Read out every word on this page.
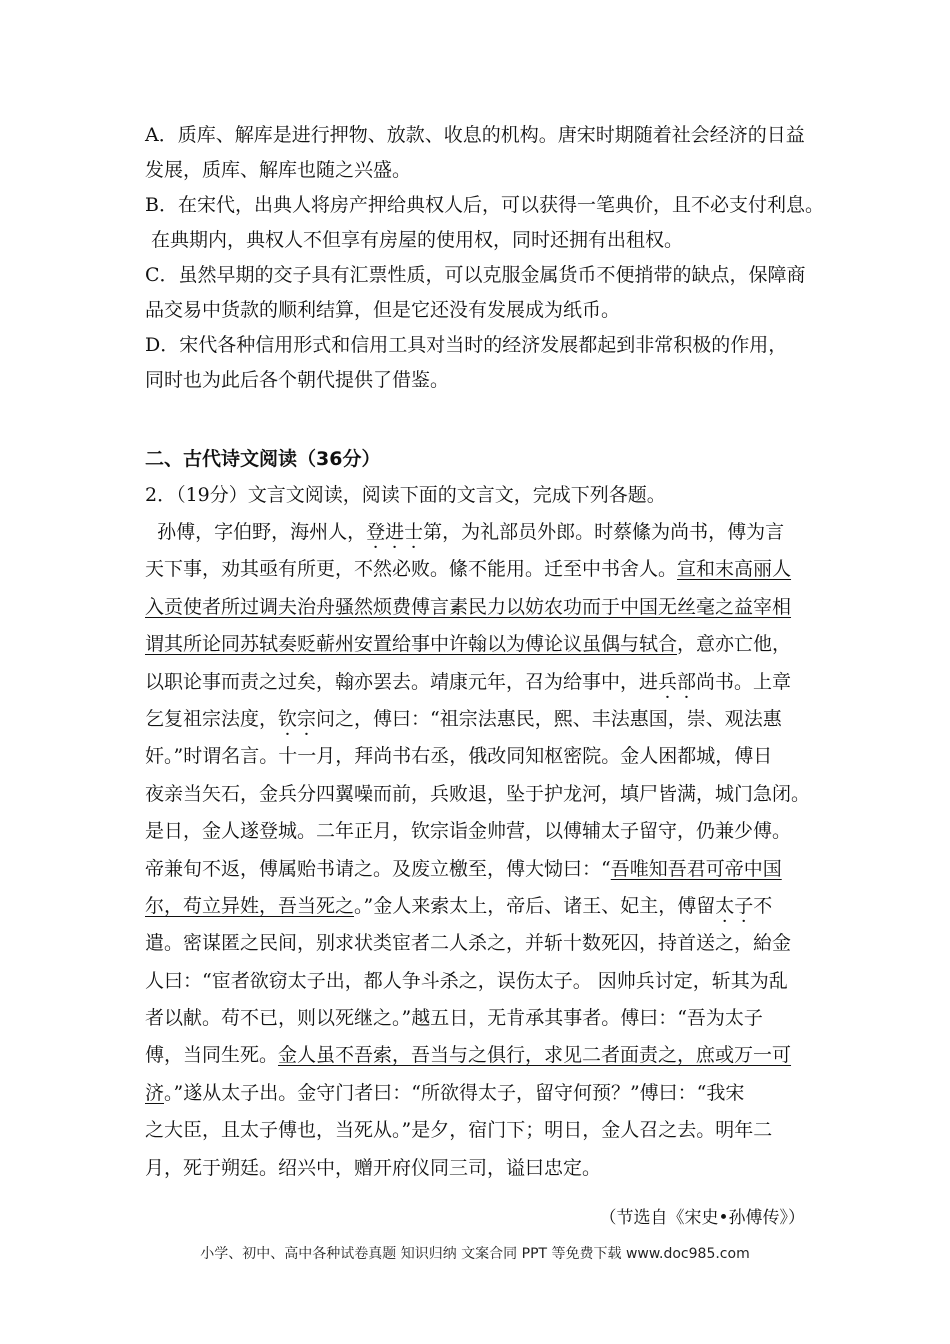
A．质库、解库是进行押物、放款、收息的机构。唐宋时期随着社会经济的日益

发展，质库、解库也随之兴盛。

B．在宋代，出典人将房产押给典权人后，可以获得一笔典价，且不必支付利息。

在典期内，典权人不但享有房屋的使用权，同时还拥有出租权。

C．虽然早期的交子具有汇票性质，可以克服金属货币不便捎带的缺点，保障商

品交易中货款的顺利结算，但是它还没有发展成为纸币。

D．宋代各种信用形式和信用工具对当时的经济发展都起到非常积极的作用，

同时也为此后各个朝代提供了借鉴。

二、古代诗文阅读（36分）

2．（19分）文言文阅读，阅读下面的文言文，完成下列各题。

孙傅，字伯野，海州人，登进士第，为礼部员外郎。时蔡絛为尚书，傅为言

天下事，劝其亟有所更，不然必败。絛不能用。迁至中书舍人。宣和末高丽人

入贡使者所过调夫治舟骚然烦费傅言素民力以妨农功而于中国无丝毫之益宰相

谓其所论同苏轼奏贬蕲州安置给事中许翰以为傅论议虽偶与轼合，意亦亡他，

以职论事而责之过矣，翰亦罢去。靖康元年，召为给事中，进兵部尚书。上章

乞复祖宗法度，钦宗问之，傅曰：“祖宗法惠民，熙、丰法惠国，崇、观法惠

奸。”时谓名言。十一月，拜尚书右丞，俄改同知枢密院。金人困都城，傅日

夜亲当矢石，金兵分四翼噪而前，兵败退，坠于护龙河，填尸皆满，城门急闭。

是日，金人遂登城。二年正月，钦宗诣金帅营，以傅辅太子留守，仍兼少傅。

帝兼旬不返，傅属贻书请之。及废立檄至，傅大恸曰：“吾唯知吾君可帝中国

尔，苟立异姓，吾当死之。”金人来索太上，帝后、诸王、妃主，傅留太子不

遣。密谋匿之民间，别求状类宦者二人杀之，并斩十数死囚，持首送之，紿金

人曰：“宦者欲窃太子出，都人争斗杀之，误伤太子。 因帅兵讨定，斩其为乱

者以献。苟不已，则以死继之。”越五日，无肯承其事者。傅曰：“吾为太子

傅，当同生死。金人虽不吾索，吾当与之俱行，求见二者面责之，庶或万一可

济。”遂从太子出。金守门者曰：“所欲得太子，留守何预？”傅曰：“我宋

之大臣，且太子傅也，当死从。”是夕，宿门下；明日，金人召之去。明年二

月，死于朔廷。绍兴中，赠开府仪同三司，谥曰忠定。

（节选自《宋史•孙傅传》）

小学、初中、高中各种试卷真题 知识归纳 文案合同 PPT 等免费下载 www.doc985.com
